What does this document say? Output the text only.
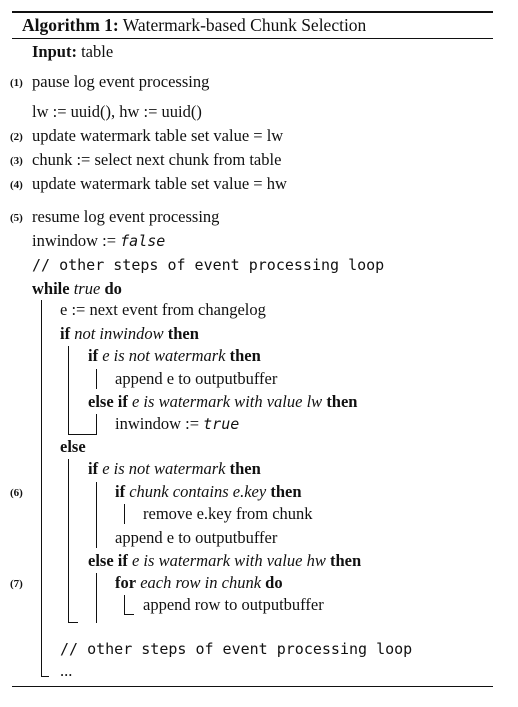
Algorithm 1: Watermark-based Chunk Selection
Input: table
(1)
(2)
(3)
(4)
(5)
(6)
(7)
pause log event processing
lw := uuid(), hw := uuid()
update watermark table set value = lw
chunk := select next chunk from table
update watermark table set value = hw
resume log event processing
inwindow := false
// other steps of event processing loop
while true do
e := next event from changelog
if not inwindow then
if e is not watermark then
append e to outputbuffer
else if e is watermark with value lw then
inwindow := true
else
if e is not watermark then
if chunk contains e.key then
remove e.key from chunk
append e to outputbuffer
else if e is watermark with value hw then
for each row in chunk do
append row to outputbuffer
// other steps of event processing loop
...
